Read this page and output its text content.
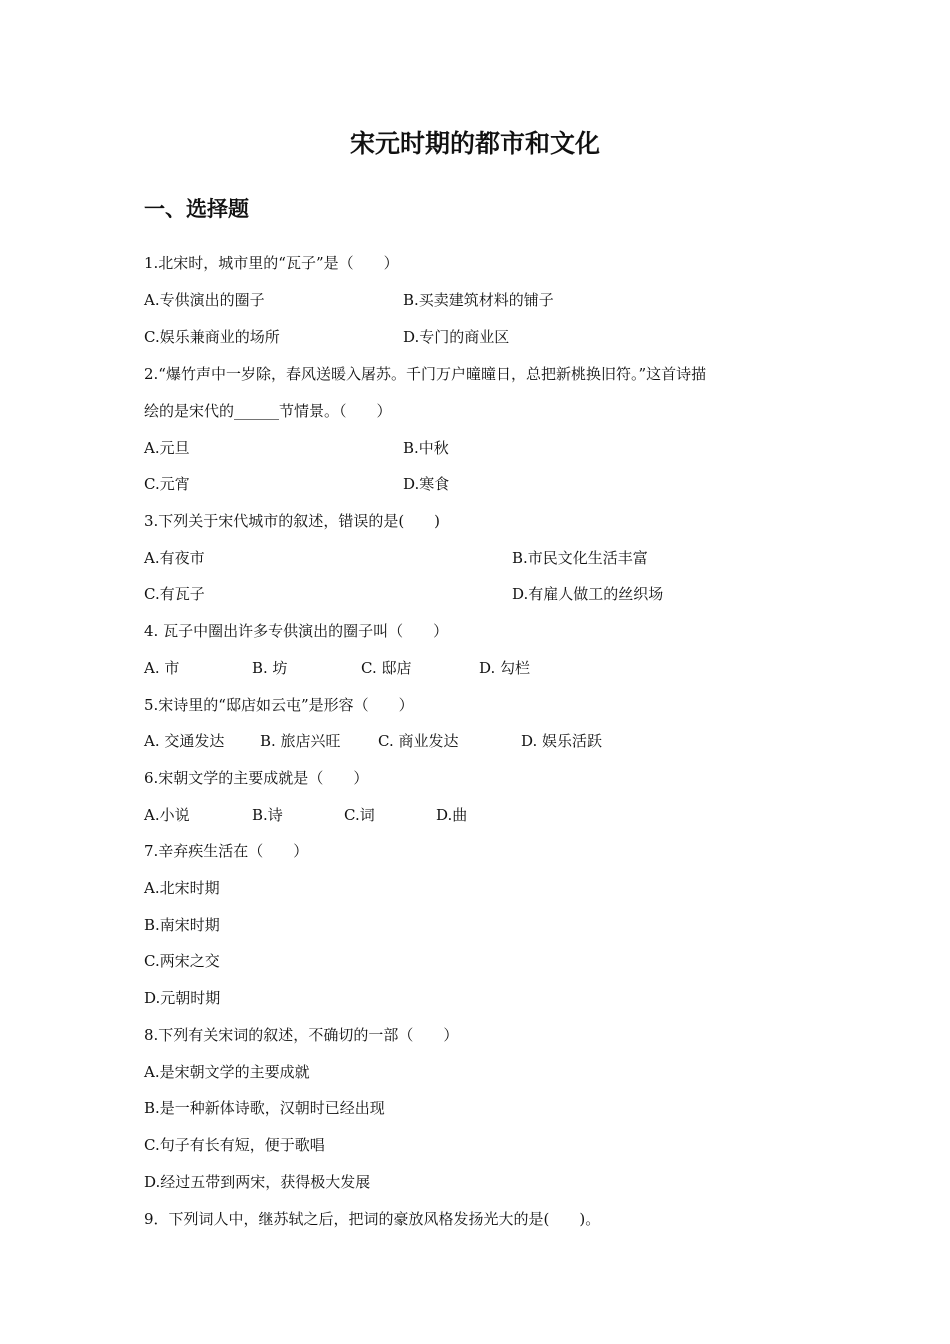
宋元时期的都市和文化
一、选择题
1.北宋时，城市里的“瓦子”是（　　）
A.专供演出的圈子	B.买卖建筑材料的铺子
C.娱乐兼商业的场所	D.专门的商业区
2.“爆竹声中一岁除，春风送暖入屠苏。千门万户曈曈日，总把新桃换旧符。”这首诗描
绘的是宋代的______节情景。（　　）
A.元旦	B.中秋
C.元宵	D.寒食
3.下列关于宋代城市的叙述，错误的是(　　)
A.有夜市	B.市民文化生活丰富
C.有瓦子	D.有雇人做工的丝织场
4. 瓦子中圈出许多专供演出的圈子叫（　　）
A. 市	B. 坊	C. 邸店	D. 勾栏
5.宋诗里的“邸店如云屯”是形容（　　）
A. 交通发达 B. 旅店兴旺 C. 商业发达	D. 娱乐活跃
6.宋朝文学的主要成就是（　　）
A.小说	B.诗	C.词	D.曲
7.辛弃疾生活在（　　）
A.北宋时期
B.南宋时期
C.两宋之交
D.元朝时期
8.下列有关宋词的叙述，不确切的一部（　　）
A.是宋朝文学的主要成就
B.是一种新体诗歌，汉朝时已经出现
C.句子有长有短，便于歌唱
D.经过五带到两宋，获得极大发展
9．下列词人中，继苏轼之后，把词的豪放风格发扬光大的是(　　)。
